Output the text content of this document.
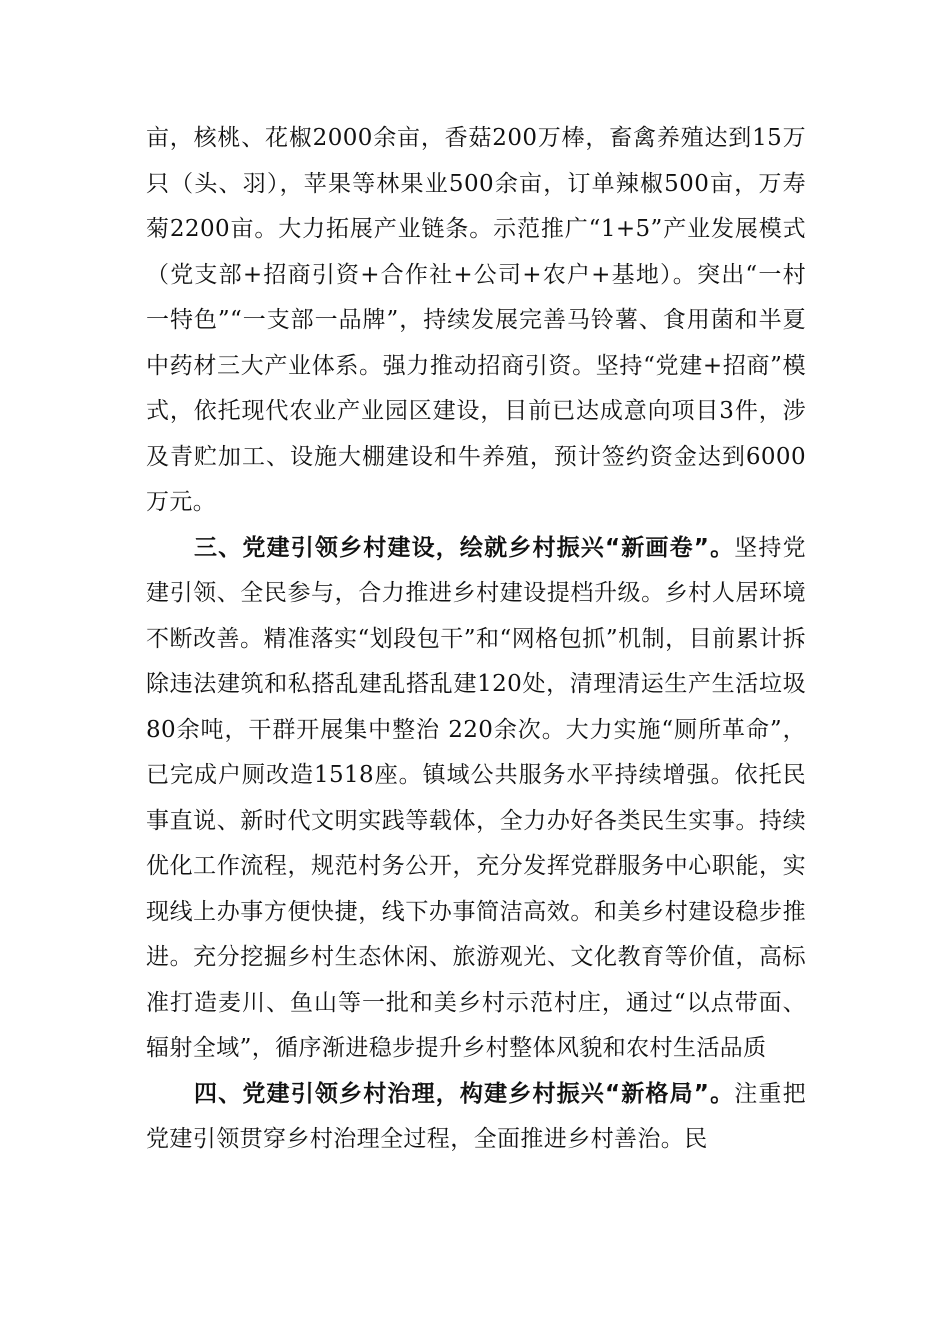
亩，核桃、花椒2000余亩，香菇200万棒，畜禽养殖达到15万只（头、羽），苹果等林果业500余亩，订单辣椒500亩，万寿菊2200亩。大力拓展产业链条。示范推广“1+5”产业发展模式（党支部+招商引资+合作社+公司+农户+基地）。突出“一村一特色”“一支部一品牌”，持续发展完善马铃薯、食用菌和半夏中药材三大产业体系。强力推动招商引资。坚持“党建+招商”模式，依托现代农业产业园区建设，目前已达成意向项目3件，涉及青贮加工、设施大棚建设和牛养殖，预计签约资金达到6000万元。

三、党建引领乡村建设，绘就乡村振兴“新画卷”。坚持党建引领、全民参与，合力推进乡村建设提档升级。乡村人居环境不断改善。精准落实“划段包干”和“网格包抓”机制，目前累计拆除违法建筑和私搭乱建乱搭乱建120处，清理清运生产生活垃圾80余吨，干群开展集中整治 220余次。大力实施“厕所革命”，已完成户厕改造1518座。镇域公共服务水平持续增强。依托民事直说、新时代文明实践等载体，全力办好各类民生实事。持续优化工作流程，规范村务公开，充分发挥党群服务中心职能，实现线上办事方便快捷，线下办事简洁高效。和美乡村建设稳步推进。充分挖掘乡村生态休闲、旅游观光、文化教育等价值，高标准打造麦川、鱼山等一批和美乡村示范村庄，通过“以点带面、辐射全域”，循序渐进稳步提升乡村整体风貌和农村生活品质

四、党建引领乡村治理，构建乡村振兴“新格局”。注重把党建引领贯穿乡村治理全过程，全面推进乡村善治。民
